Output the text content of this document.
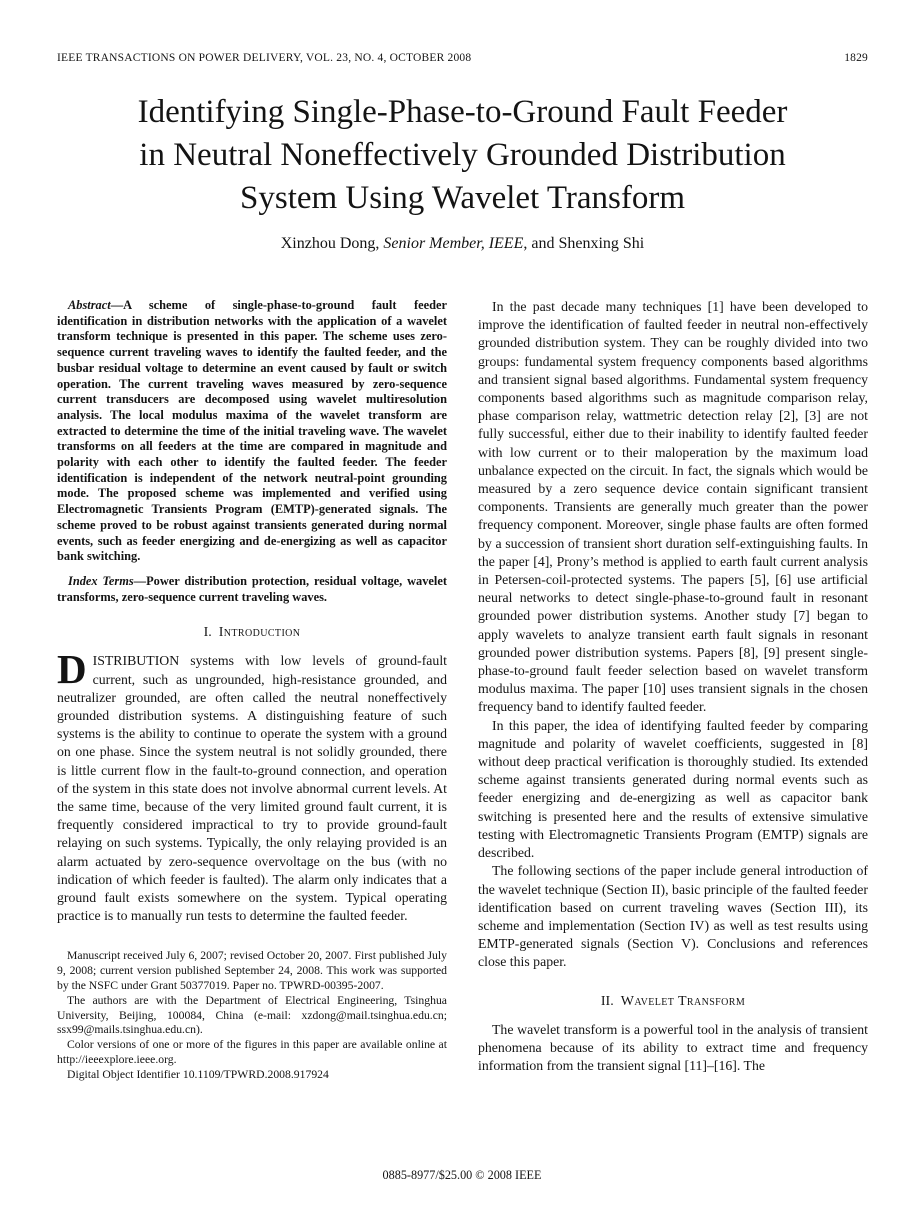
IEEE TRANSACTIONS ON POWER DELIVERY, VOL. 23, NO. 4, OCTOBER 2008	1829
Identifying Single-Phase-to-Ground Fault Feeder
in Neutral Noneffectively Grounded Distribution
System Using Wavelet Transform
Xinzhou Dong, Senior Member, IEEE, and Shenxing Shi

Abstract—A scheme of single-phase-to-ground fault feeder identification in distribution networks with the application of a wavelet transform technique is presented in this paper. The scheme uses zero-sequence current traveling waves to identify the faulted feeder, and the busbar residual voltage to determine an event caused by fault or switch operation. The current traveling waves measured by zero-sequence current transducers are decomposed using wavelet multiresolution analysis. The local modulus maxima of the wavelet transform are extracted to determine the time of the initial traveling wave. The wavelet transforms on all feeders at the time are compared in magnitude and polarity with each other to identify the faulted feeder. The feeder identification is independent of the network neutral-point grounding mode. The proposed scheme was implemented and verified using Electromagnetic Transients Program (EMTP)-generated signals. The scheme proved to be robust against transients generated during normal events, such as feeder energizing and de-energizing as well as capacitor bank switching.

Index Terms—Power distribution protection, residual voltage, wavelet transforms, zero-sequence current traveling waves.

I. Introduction

DISTRIBUTION systems with low levels of ground-fault current, such as ungrounded, high-resistance grounded, and neutralizer grounded, are often called the neutral noneffectively grounded distribution systems. A distinguishing feature of such systems is the ability to continue to operate the system with a ground on one phase. Since the system neutral is not solidly grounded, there is little current flow in the fault-to-ground connection, and operation of the system in this state does not involve abnormal current levels. At the same time, because of the very limited ground fault current, it is frequently considered impractical to try to provide ground-fault relaying on such systems. Typically, the only relaying provided is an alarm actuated by zero-sequence overvoltage on the bus (with no indication of which feeder is faulted). The alarm only indicates that a ground fault exists somewhere on the system. Typical operating practice is to manually run tests to determine the faulted feeder.

Manuscript received July 6, 2007; revised October 20, 2007. First published July 9, 2008; current version published September 24, 2008. This work was supported by the NSFC under Grant 50377019. Paper no. TPWRD-00395-2007.

The authors are with the Department of Electrical Engineering, Tsinghua University, Beijing, 100084, China (e-mail: xzdong@mail.tsinghua.edu.cn; ssx99@mails.tsinghua.edu.cn).

Color versions of one or more of the figures in this paper are available online at http://ieeexplore.ieee.org.

Digital Object Identifier 10.1109/TPWRD.2008.917924

In the past decade many techniques [1] have been developed to improve the identification of faulted feeder in neutral non-effectively grounded distribution system. They can be roughly divided into two groups: fundamental system frequency components based algorithms and transient signal based algorithms. Fundamental system frequency components based algorithms such as magnitude comparison relay, phase comparison relay, wattmetric detection relay [2], [3] are not fully successful, either due to their inability to identify faulted feeder with low current or to their maloperation by the maximum load unbalance expected on the circuit. In fact, the signals which would be measured by a zero sequence device contain significant transient components. Transients are generally much greater than the power frequency component. Moreover, single phase faults are often formed by a succession of transient short duration self-extinguishing faults. In the paper [4], Prony’s method is applied to earth fault current analysis in Petersen-coil-protected systems. The papers [5], [6] use artificial neural networks to detect single-phase-to-ground fault in resonant grounded power distribution systems. Another study [7] began to apply wavelets to analyze transient earth fault signals in resonant grounded power distribution systems. Papers [8], [9] present single-phase-to-ground fault feeder selection based on wavelet transform modulus maxima. The paper [10] uses transient signals in the chosen frequency band to identify faulted feeder.

In this paper, the idea of identifying faulted feeder by comparing magnitude and polarity of wavelet coefficients, suggested in [8] without deep practical verification is thoroughly studied. Its extended scheme against transients generated during normal events such as feeder energizing and de-energizing as well as capacitor bank switching is presented here and the results of extensive simulative testing with Electromagnetic Transients Program (EMTP) signals are described.

The following sections of the paper include general introduction of the wavelet technique (Section II), basic principle of the faulted feeder identification based on current traveling waves (Section III), its scheme and implementation (Section IV) as well as test results using EMTP-generated signals (Section V). Conclusions and references close this paper.

II. Wavelet Transform

The wavelet transform is a powerful tool in the analysis of transient phenomena because of its ability to extract time and frequency information from the transient signal [11]–[16]. The

0885-8977/$25.00 © 2008 IEEE
